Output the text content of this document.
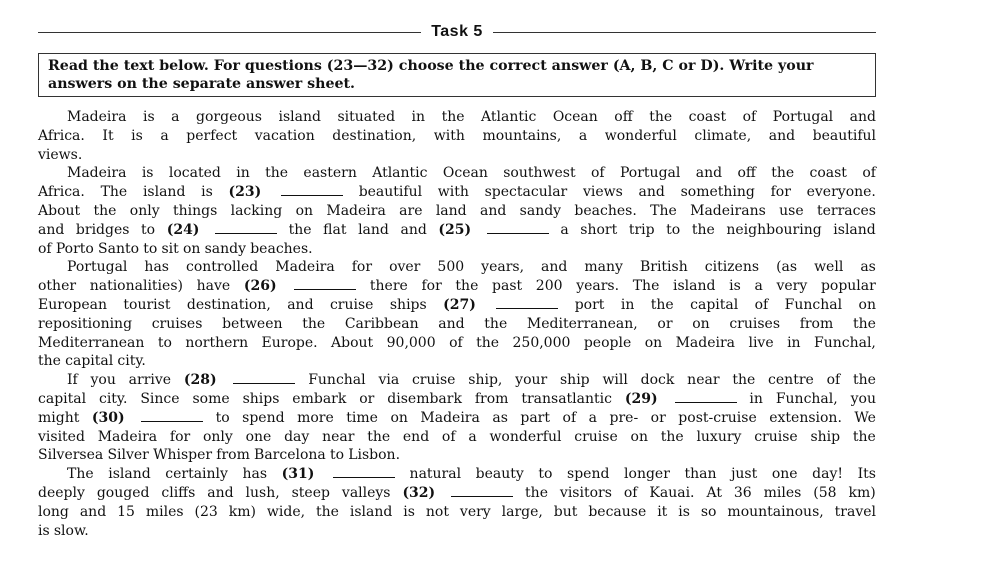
Task 5
Read the text below. For questions (23—32) choose the correct answer (A, B, C or D). Write your answers on the separate answer sheet.
Madeira is a gorgeous island situated in the Atlantic Ocean off the coast of Portugal and
Africa. It is a perfect vacation destination, with mountains, a wonderful climate, and beautiful
views.
Madeira is located in the eastern Atlantic Ocean southwest of Portugal and off the coast of
Africa. The island is (23)	beautiful with spectacular views and something for everyone.
About the only things lacking on Madeira are land and sandy beaches. The Madeirans use terraces
and bridges to (24)	the flat land and (25)	a short trip to the neighbouring island
of Porto Santo to sit on sandy beaches.
Portugal has controlled Madeira for over 500 years, and many British citizens (as well as
other nationalities) have (26)	there for the past 200 years. The island is a very popular
European tourist destination, and cruise ships (27)	port in the capital of Funchal on
repositioning cruises between the Caribbean and the Mediterranean, or on cruises from the
Mediterranean to northern Europe. About 90,000 of the 250,000 people on Madeira live in Funchal,
the capital city.
If you arrive (28)	Funchal via cruise ship, your ship will dock near the centre of the
capital city. Since some ships embark or disembark from transatlantic (29)	in Funchal, you
might (30)	to spend more time on Madeira as part of a pre- or post-cruise extension. We
visited Madeira for only one day near the end of a wonderful cruise on the luxury cruise ship the
Silversea Silver Whisper from Barcelona to Lisbon.
The island certainly has (31)	natural beauty to spend longer than just one day! Its
deeply gouged cliffs and lush, steep valleys (32)	the visitors of Kauai. At 36 miles (58 km)
long and 15 miles (23 km) wide, the island is not very large, but because it is so mountainous, travel
is slow.
